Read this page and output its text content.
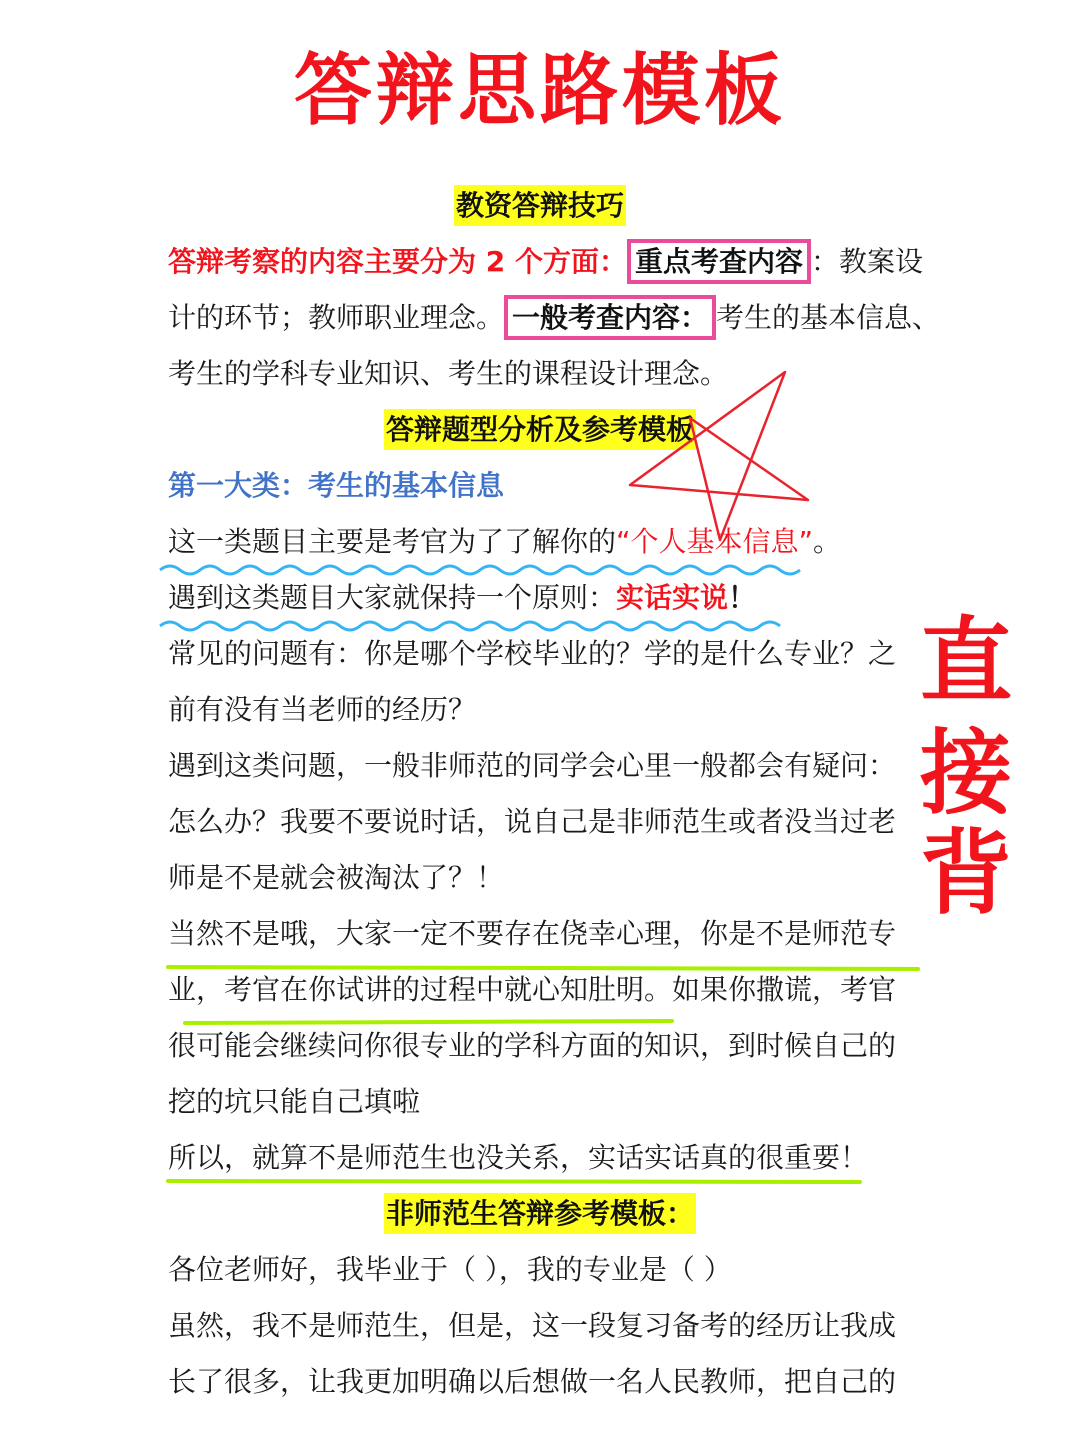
答辩思路模板
教资答辩技巧
答辩考察的内容主要分为 2 个方面： 重点考查内容 ：教案设
计的环节；教师职业理念。 一般考查内容： 考生的基本信息、
考生的学科专业知识、考生的课程设计理念。
答辩题型分析及参考模板
第一大类：考生的基本信息
这一类题目主要是考官为了了解你的“个人基本信息”。
遇到这类题目大家就保持一个原则：实话实说！
常见的问题有：你是哪个学校毕业的？学的是什么专业？之
前有没有当老师的经历？
遇到这类问题，一般非师范的同学会心里一般都会有疑问：
怎么办？我要不要说时话，说自己是非师范生或者没当过老
师是不是就会被淘汰了？！
当然不是哦，大家一定不要存在侥幸心理，你是不是师范专
业，考官在你试讲的过程中就心知肚明。如果你撒谎，考官
很可能会继续问你很专业的学科方面的知识，到时候自己的
挖的坑只能自己填啦
所以，就算不是师范生也没关系，实话实话真的很重要！
非师范生答辩参考模板：
各位老师好，我毕业于（ ），我的专业是（ ）
虽然，我不是师范生，但是，这一段复习备考的经历让我成
长了很多，让我更加明确以后想做一名人民教师，把自己的
直
接
背
